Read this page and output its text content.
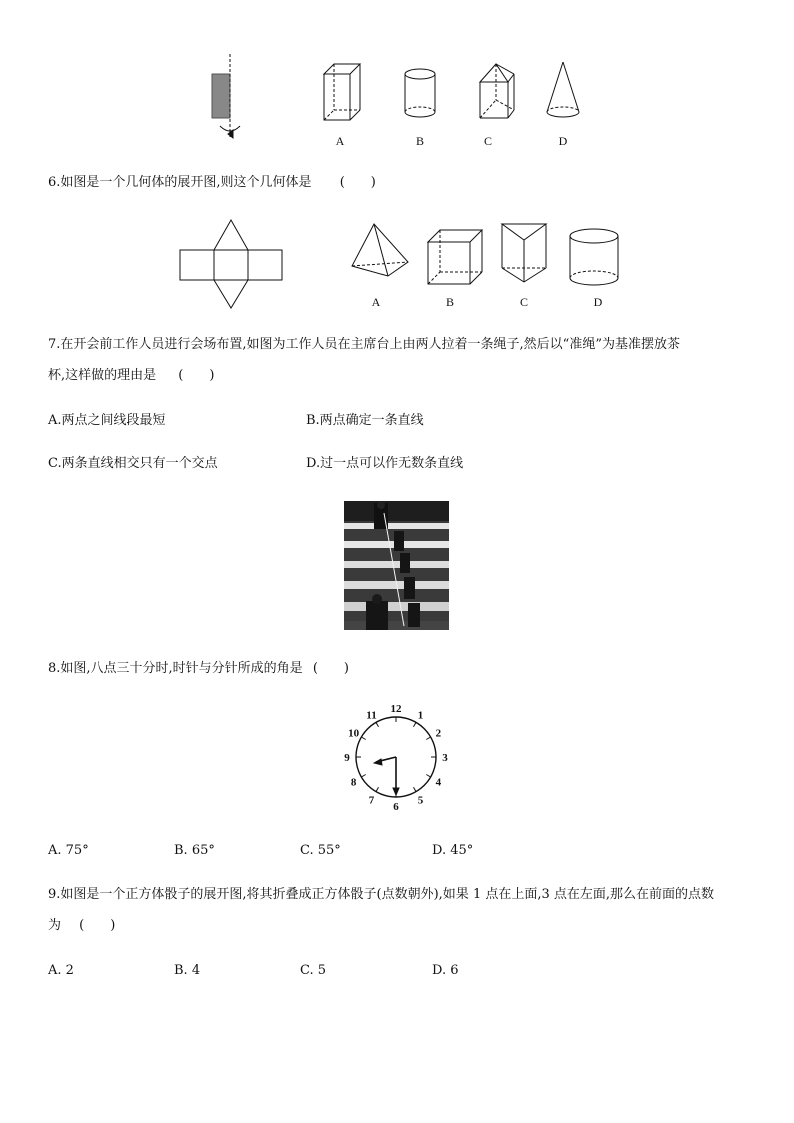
A	B	C	D
6.如图是一个几何体的展开图,则这个几何体是 (　　)
A	B	C	D
7.在开会前工作人员进行会场布置,如图为工作人员在主席台上由两人拉着一条绳子,然后以“准绳”为基准摆放茶
杯,这样做的理由是 (　　)
A.两点之间线段最短	B.两点确定一条直线
C.两条直线相交只有一个交点	D.过一点可以作无数条直线
8.如图,八点三十分时,时针与分针所成的角是 (　　)
12
1
2
3
4
5
6
7
8
9
10
11
A. 75°	B. 65°	C. 55°	D. 45°
9.如图是一个正方体骰子的展开图,将其折叠成正方体骰子(点数朝外),如果 1 点在上面,3 点在左面,那么在前面的点数
为 (　　)
A. 2	B. 4	C. 5	D. 6
